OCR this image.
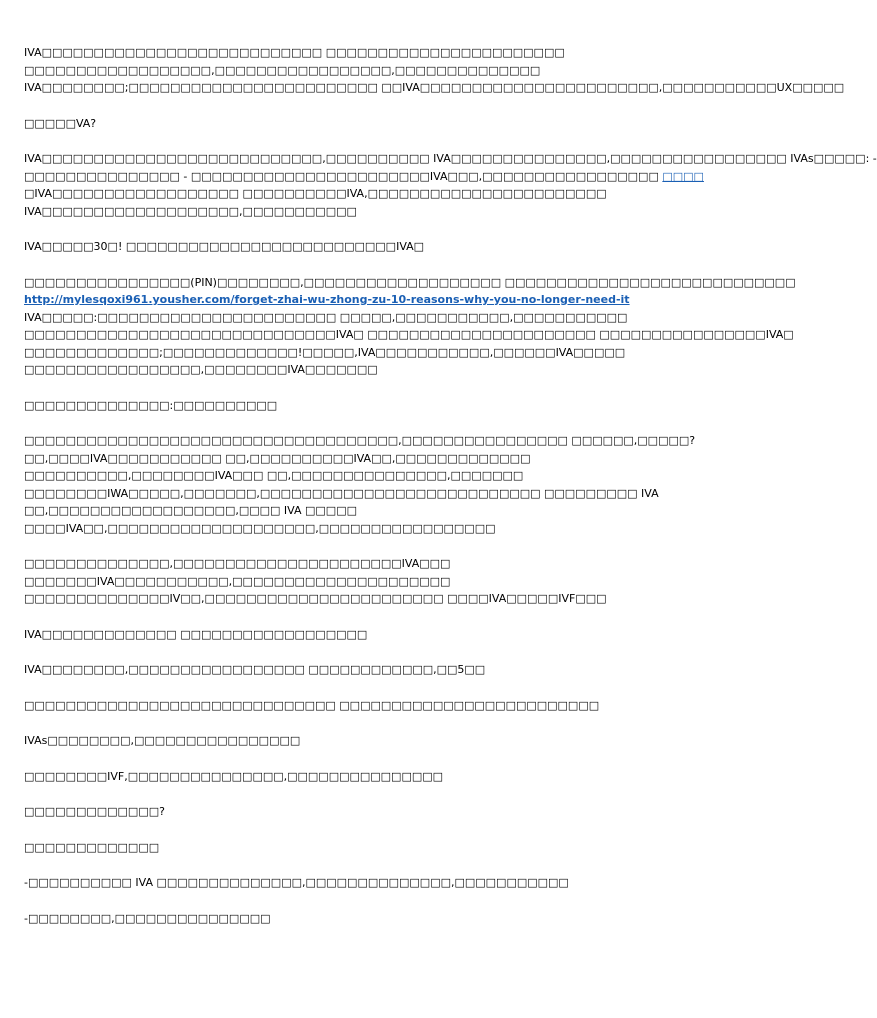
IVA□□□□□□□□□□□□□□□□□□□□□□□□□□□ □□□□□□□□□□□□□□□□□□□□□□□
□□□□□□□□□□□□□□□□□□,□□□□□□□□□□□□□□□□□,□□□□□□□□□□□□□□
IVA□□□□□□□□;□□□□□□□□□□□□□□□□□□□□□□□□ □□IVA□□□□□□□□□□□□□□□□□□□□□□□,□□□□□□□□□□□UX□□□□□
□□□□□VA?
IVA□□□□□□□□□□□□□□□□□□□□□□□□□□□,□□□□□□□□□□ IVA□□□□□□□□□□□□□□□,□□□□□□□□□□□□□□□□□ IVAs□□□□□: -
□□□□□□□□□□□□□□□ - □□□□□□□□□□□□□□□□□□□□□□□IVA□□□,□□□□□□□□□□□□□□□□□ □□□□
□IVA□□□□□□□□□□□□□□□□□□ □□□□□□□□□□IVA,□□□□□□□□□□□□□□□□□□□□□□□
IVA□□□□□□□□□□□□□□□□□□□,□□□□□□□□□□□
IVA□□□□□30□! □□□□□□□□□□□□□□□□□□□□□□□□□□IVA□
□□□□□□□□□□□□□□□□(PIN)□□□□□□□□,□□□□□□□□□□□□□□□□□□□ □□□□□□□□□□□□□□□□□□□□□□□□□□□□
http://mylesqoxi961.yousher.com/forget-zhai-wu-zhong-zu-10-reasons-why-you-no-longer-need-it
IVA□□□□□:□□□□□□□□□□□□□□□□□□□□□□□ □□□□□,□□□□□□□□□□□,□□□□□□□□□□□
□□□□□□□□□□□□□□□□□□□□□□□□□□□□□□IVA□ □□□□□□□□□□□□□□□□□□□□□□ □□□□□□□□□□□□□□□□IVA□
□□□□□□□□□□□□□;□□□□□□□□□□□□□!□□□□□,IVA□□□□□□□□□□□,□□□□□□IVA□□□□□
□□□□□□□□□□□□□□□□□,□□□□□□□□IVA□□□□□□□
□□□□□□□□□□□□□□:□□□□□□□□□□
□□□□□□□□□□□□□□□□□□□□□□□□□□□□□□□□□□□□,□□□□□□□□□□□□□□□□ □□□□□□,□□□□□?
□□,□□□□IVA□□□□□□□□□□□ □□,□□□□□□□□□□IVA□□,□□□□□□□□□□□□□
□□□□□□□□□□,□□□□□□□□IVA□□□ □□,□□□□□□□□□□□□□□□,□□□□□□□
□□□□□□□□IWA□□□□□,□□□□□□□,□□□□□□□□□□□□□□□□□□□□□□□□□□□ □□□□□□□□□ IVA
□□,□□□□□□□□□□□□□□□□□□,□□□□ IVA □□□□□
□□□□IVA□□,□□□□□□□□□□□□□□□□□□□□,□□□□□□□□□□□□□□□□□
□□□□□□□□□□□□□□,□□□□□□□□□□□□□□□□□□□□□□IVA□□□
□□□□□□□IVA□□□□□□□□□□□,□□□□□□□□□□□□□□□□□□□□□
□□□□□□□□□□□□□□IV□□,□□□□□□□□□□□□□□□□□□□□□□□ □□□□IVA□□□□□IVF□□□
IVA□□□□□□□□□□□□□ □□□□□□□□□□□□□□□□□□
IVA□□□□□□□□,□□□□□□□□□□□□□□□□□ □□□□□□□□□□□□,□□5□□
□□□□□□□□□□□□□□□□□□□□□□□□□□□□□□ □□□□□□□□□□□□□□□□□□□□□□□□□
IVAs□□□□□□□□,□□□□□□□□□□□□□□□□
□□□□□□□□IVF,□□□□□□□□□□□□□□□,□□□□□□□□□□□□□□□
□□□□□□□□□□□□□?
□□□□□□□□□□□□□
-□□□□□□□□□□ IVA □□□□□□□□□□□□□□,□□□□□□□□□□□□□□,□□□□□□□□□□□
-□□□□□□□□,□□□□□□□□□□□□□□□
